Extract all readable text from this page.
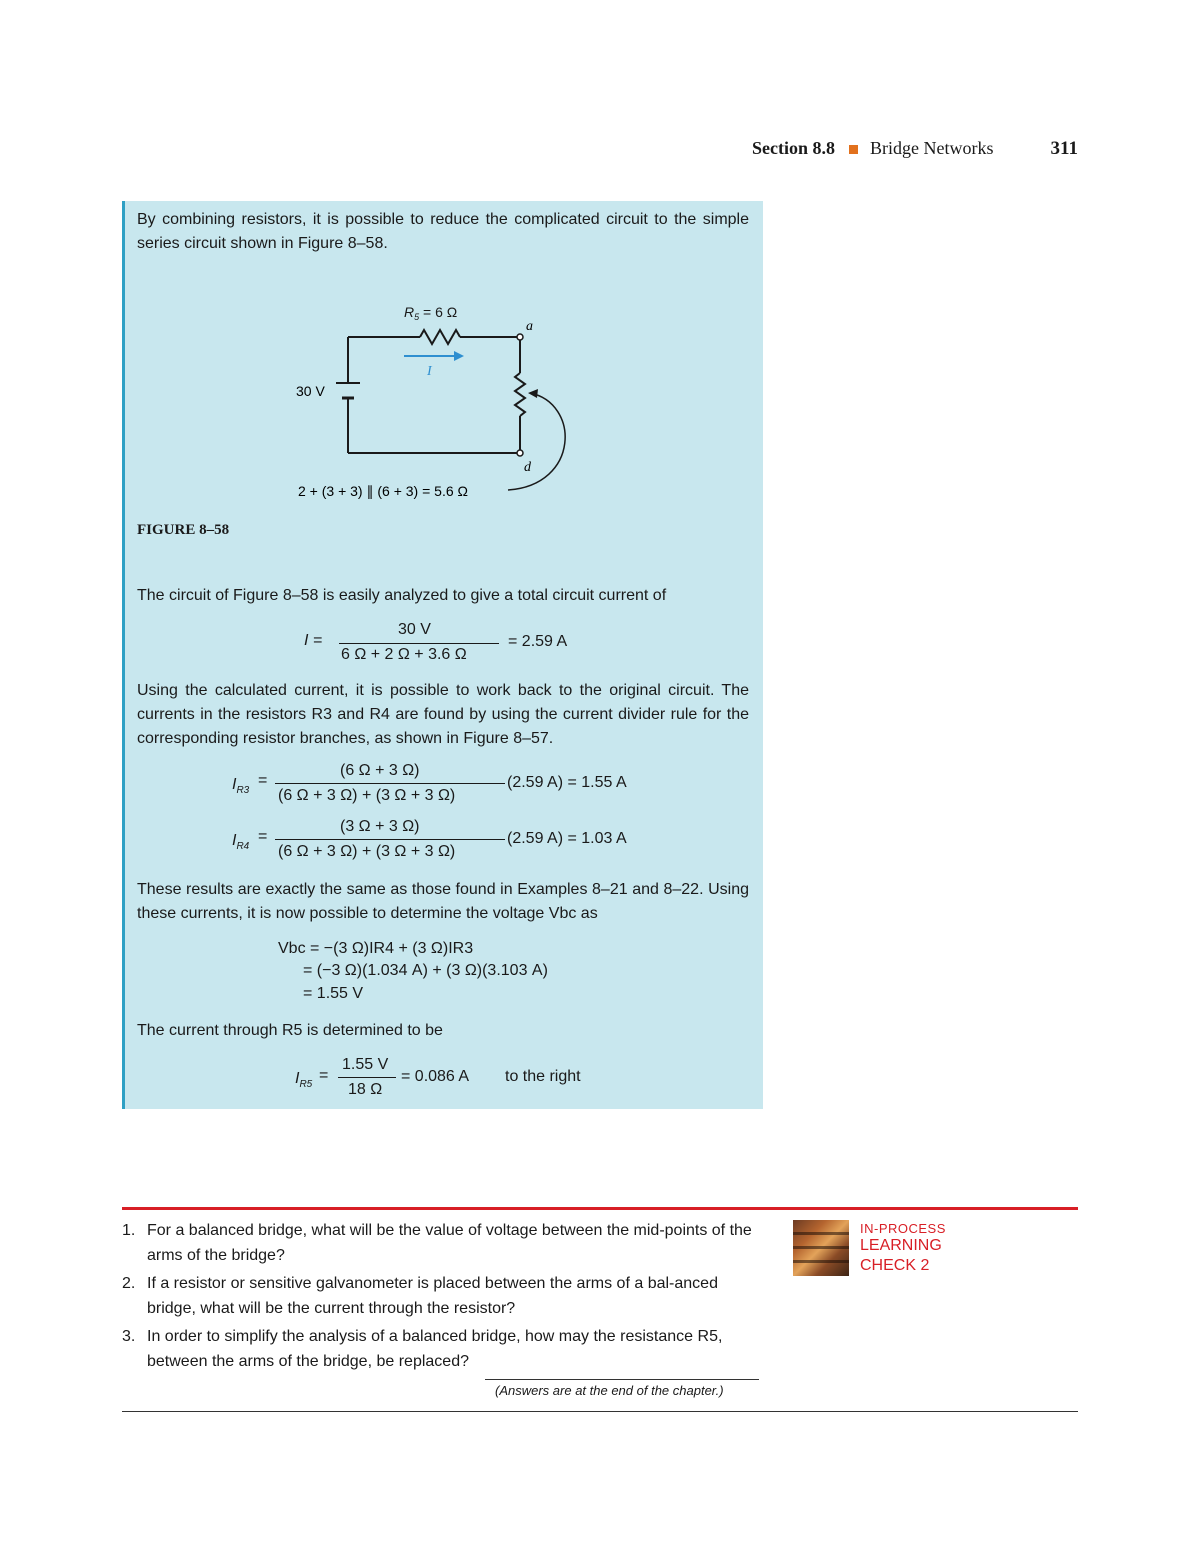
Section 8.8 Bridge Networks	311
By combining resistors, it is possible to reduce the complicated circuit to the simple series circuit shown in Figure 8–58.
$R_5 = 6$ Ω
a
d
I
30 V
2 + (3 + 3) ∥ (6 + 3) = 5.6 Ω
FIGURE 8–58
The circuit of Figure 8–58 is easily analyzed to give a total circuit current of
I =
30 V
6 Ω + 2 Ω + 3.6 Ω
= 2.59 A
Using the calculated current, it is possible to work back to the original circuit. The currents in the resistors R3 and R4 are found by using the current divider rule for the corresponding resistor branches, as shown in Figure 8–57.
$I_{R3}$
=
(6 Ω + 3 Ω)
(6 Ω + 3 Ω) + (3 Ω + 3 Ω)
(2.59 A) = 1.55 A
$I_{R4}$
=
(3 Ω + 3 Ω)
(6 Ω + 3 Ω) + (3 Ω + 3 Ω)
(2.59 A) = 1.03 A
These results are exactly the same as those found in Examples 8–21 and 8–22. Using these currents, it is now possible to determine the voltage Vbc as
Vbc = −(3 Ω)IR4 + (3 Ω)IR3
= (−3 Ω)(1.034 A) + (3 Ω)(3.103 A)
= 1.55 V
The current through R5 is determined to be
$I_{R5}$
=
1.55 V
18 Ω
= 0.086 A to the right
1. For a balanced bridge, what will be the value of voltage between the mid-points of the arms of the bridge?
2. If a resistor or sensitive galvanometer is placed between the arms of a bal-anced bridge, what will be the current through the resistor?
3. In order to simplify the analysis of a balanced bridge, how may the resistance R5, between the arms of the bridge, be replaced?
(Answers are at the end of the chapter.)
IN-PROCESS
LEARNING
CHECK 2
